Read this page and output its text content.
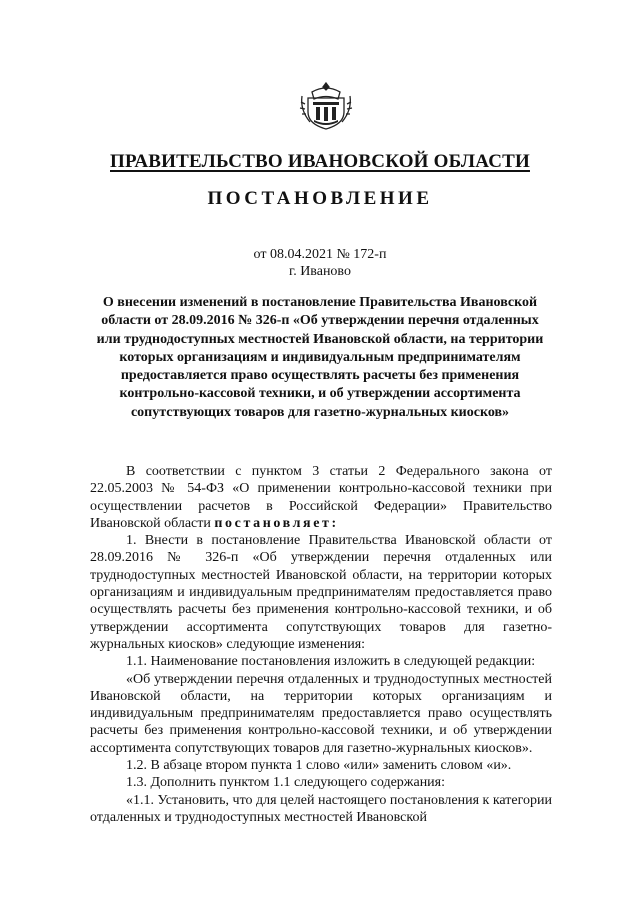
ПРАВИТЕЛЬСТВО ИВАНОВСКОЙ ОБЛАСТИ
ПОСТАНОВЛЕНИЕ
от 08.04.2021 № 172-п
г. Иваново
О внесении изменений в постановление Правительства Ивановской области от 28.09.2016 № 326-п «Об утверждении перечня отдаленных или труднодоступных местностей Ивановской области, на территории которых организациям и индивидуальным предпринимателям предоставляется право осуществлять расчеты без применения контрольно-кассовой техники, и об утверждении ассортимента сопутствующих товаров для газетно-журнальных киосков»

В соответствии с пунктом 3 статьи 2 Федерального закона от 22.05.2003 № 54-ФЗ «О применении контрольно-кассовой техники при осуществлении расчетов в Российской Федерации» Правительство Ивановской области постановляет:

1. Внести в постановление Правительства Ивановской области от 28.09.2016 № 326-п «Об утверждении перечня отдаленных или труднодоступных местностей Ивановской области, на территории которых организациям и индивидуальным предпринимателям предоставляется право осуществлять расчеты без применения контрольно-кассовой техники, и об утверждении ассортимента сопутствующих товаров для газетно-журнальных киосков» следующие изменения:

1.1. Наименование постановления изложить в следующей редакции:

«Об утверждении перечня отдаленных и труднодоступных местностей Ивановской области, на территории которых организациям и индивидуальным предпринимателям предоставляется право осуществлять расчеты без применения контрольно-кассовой техники, и об утверждении ассортимента сопутствующих товаров для газетно-журнальных киосков».

1.2. В абзаце втором пункта 1 слово «или» заменить словом «и».

1.3. Дополнить пунктом 1.1 следующего содержания:

«1.1. Установить, что для целей настоящего постановления к категории отдаленных и труднодоступных местностей Ивановской
